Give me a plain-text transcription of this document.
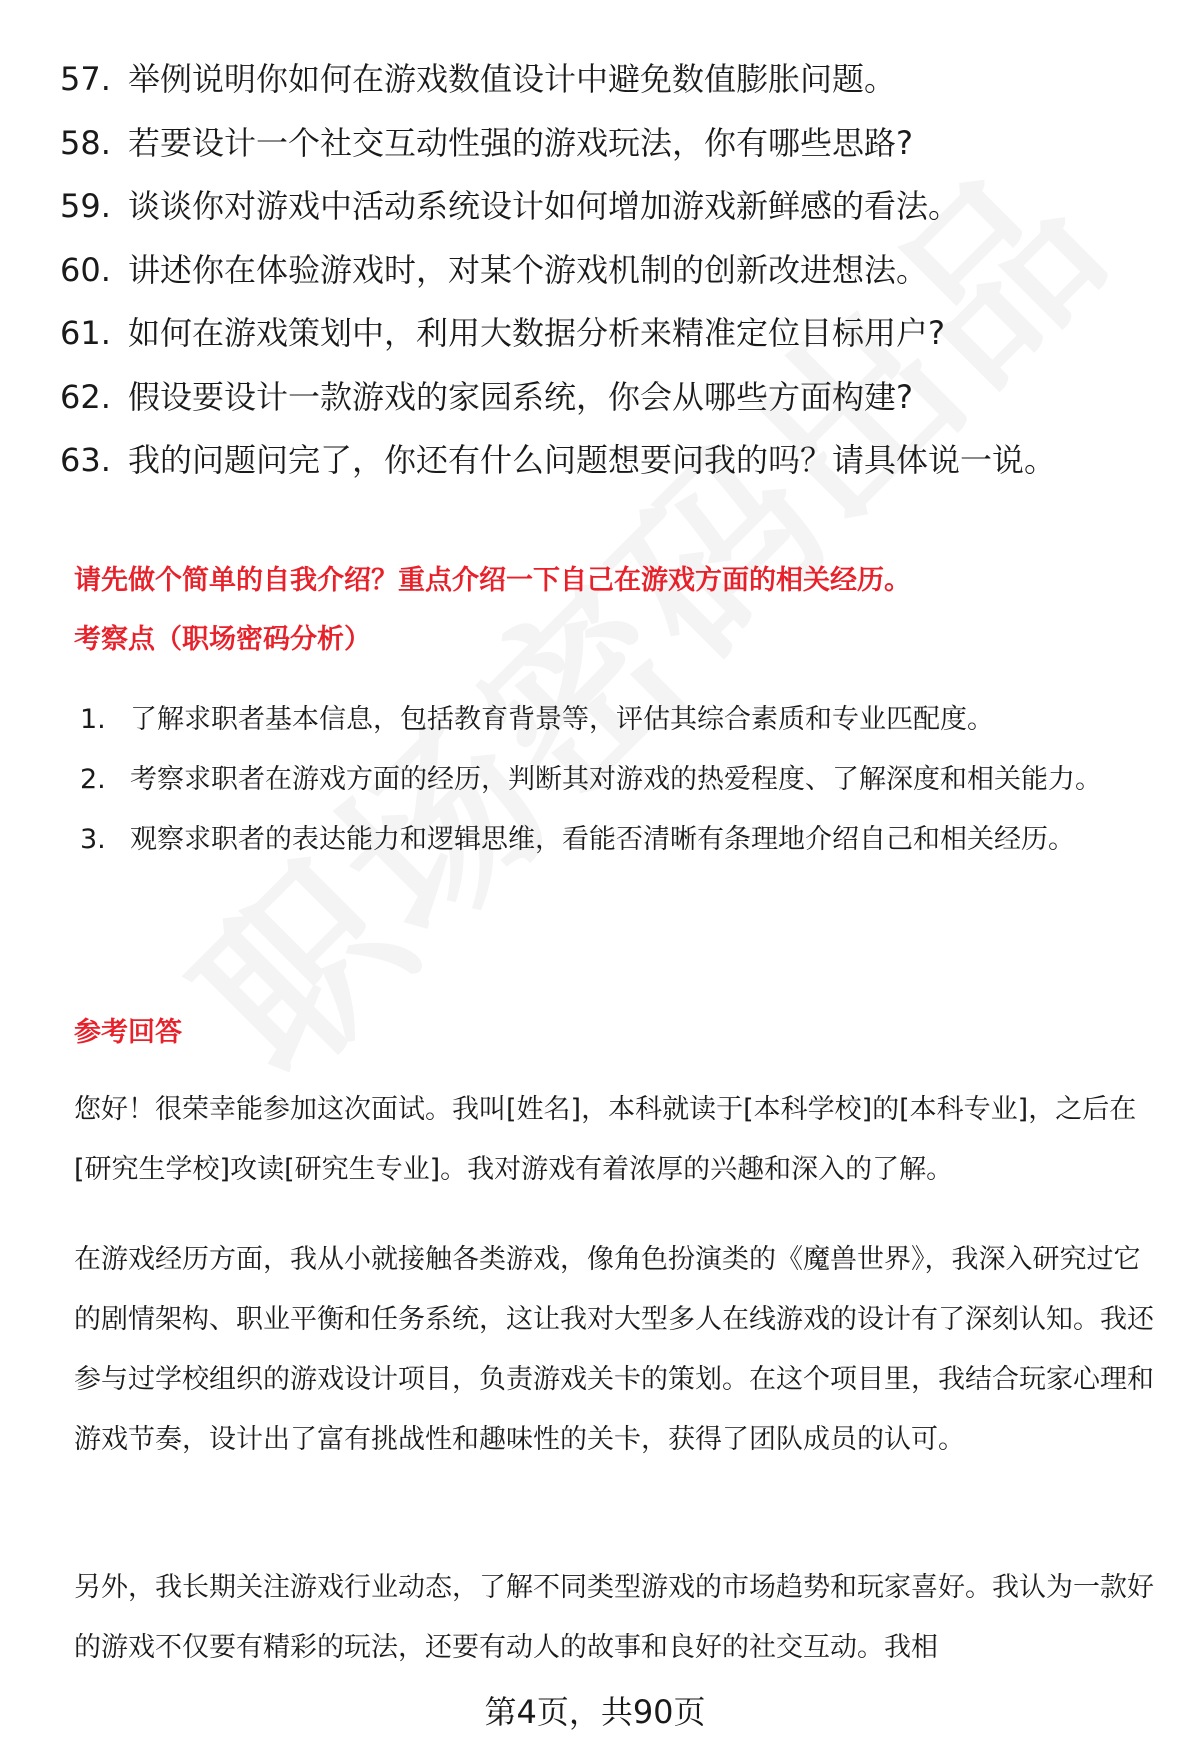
57. 举例说明你如何在游戏数值设计中避免数值膨胀问题。
58. 若要设计一个社交互动性强的游戏玩法，你有哪些思路?
59. 谈谈你对游戏中活动系统设计如何增加游戏新鲜感的看法。
60. 讲述你在体验游戏时，对某个游戏机制的创新改进想法。
61. 如何在游戏策划中，利用大数据分析来精准定位目标用户?
62. 假设要设计一款游戏的家园系统，你会从哪些方面构建?
63. 我的问题问完了，你还有什么问题想要问我的吗？请具体说一说。
请先做个简单的自我介绍？重点介绍一下自己在游戏方面的相关经历。
考察点（职场密码分析）
1. 了解求职者基本信息，包括教育背景等，评估其综合素质和专业匹配度。
2. 考察求职者在游戏方面的经历，判断其对游戏的热爱程度、了解深度和相关能力。
3. 观察求职者的表达能力和逻辑思维，看能否清晰有条理地介绍自己和相关经历。
参考回答

您好！很荣幸能参加这次面试。我叫[姓名]，本科就读于[本科学校]的[本科专业]，之后在[研究生学校]攻读[研究生专业]。我对游戏有着浓厚的兴趣和深入的了解。

在游戏经历方面，我从小就接触各类游戏，像角色扮演类的《魔兽世界》，我深入研究过它的剧情架构、职业平衡和任务系统，这让我对大型多人在线游戏的设计有了深刻认知。我还参与过学校组织的游戏设计项目，负责游戏关卡的策划。在这个项目里，我结合玩家心理和游戏节奏，设计出了富有挑战性和趣味性的关卡，获得了团队成员的认可。

另外，我长期关注游戏行业动态，了解不同类型游戏的市场趋势和玩家喜好。我认为一款好的游戏不仅要有精彩的玩法，还要有动人的故事和良好的社交互动。我相

第4页，共90页
